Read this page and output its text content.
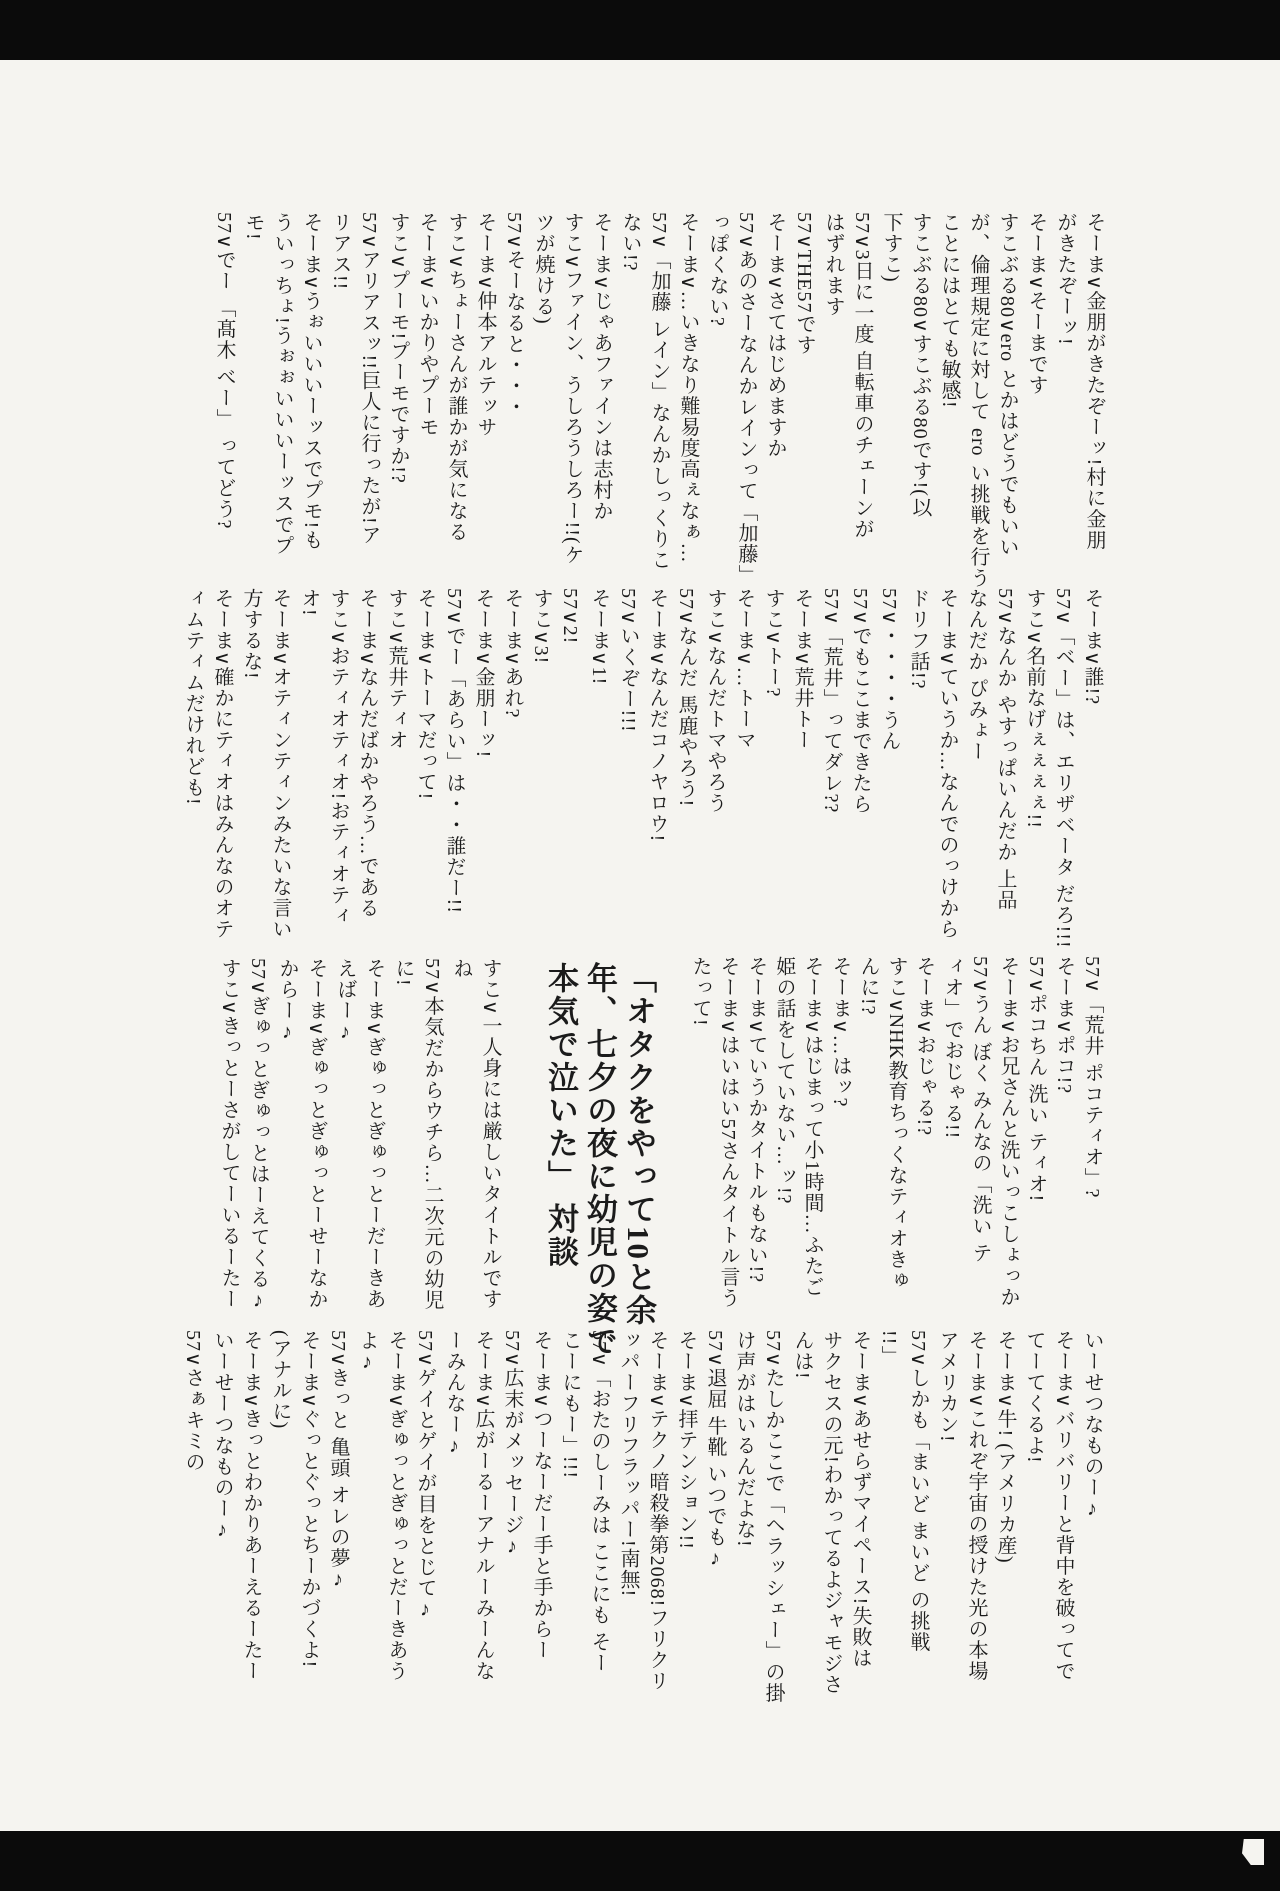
そーま∨金朋がきたぞーッ!村に金朋
がきたぞーッ!
そーま∨そーまです
すこぶる80∨ero とかはどうでもいい
が、倫理規定に対して ero い挑戦を行う
ことにはとても敏感!
すこぶる80∨すこぶる80です!(以
下すこ)
57∨3日に一度 自転車のチェーンが
はずれます
57∨THE57です
そーま∨さてはじめますか
57∨あのさーなんかレインって「加藤」
っぽくない?
そーま∨…いきなり難易度高ぇなぁ…
57∨「加藤 レイン」なんかしっくりこ
ない!?
そーま∨じゃあファインは志村か
すこ∨ファイン、うしろうしろー!!(ケ
ツが焼ける)
57∨そーなると・・・
そーま∨仲本アルテッサ
すこ∨ちょーさんが誰かが気になる
そーま∨いかりやプーモ
すこ∨プーモ!プーモですか!?
57∨アリアスッ!!巨人に行ったが!ア
リアス!!
そーま∨うぉいいいーッスでプモ!も
ういっちょ!うぉぉいいいーッスでプ
モ!
57∨でー 「髙木 べー」 ってどう?
そーま∨誰!?
57∨「ベー」は、エリザベータ だろ!!!
すこ∨名前なげぇぇぇぇ!!
57∨なんか やすっぱいんだか 上品
なんだか ぴみょー
そーま∨ていうか…なんでのっけから
ドリフ話!?
57∨・・・・うん
57∨でもここまできたら
57∨「荒井」ってダレ??
そーま∨荒井トー
すこ∨トー?
そーま∨…トーマ
すこ∨なんだトマやろう
57∨なんだ 馬鹿やろう!
そーま∨なんだコノヤロウ!
57∨いくぞー!!!
そーま∨1!
57∨2!
すこ∨3!
そーま∨あれ?
そーま∨金朋ーッ!
57∨でー「あらい」は・・誰だー!!
そーま∨トーマだって!
すこ∨荒井ティオ
そーま∨なんだばかやろう…である
すこ∨おティオティオ!おティオティ
オ!
そーま∨オティンティンみたいな言い
方するな!
そーま∨確かにティオはみんなのオテ
ィムティムだけれども!
57∨「荒井 ポコティオ」?
そーま∨ポコ!?
57∨ポコちん 洗い ティオ!
そーま∨お兄さんと洗いっこしょっか
57∨うん ぼく みんなの「洗い テ
ィオ」でおじゃる!!
そーま∨おじゃる!?
すこ∨NHK教育ちっくなティオきゅ
んに!?
そーま∨…はッ?
そーま∨はじまって小1時間…ふたご
姫の話をしていない…ッ!?
そーま∨ていうかタイトルもない!?
そーま∨はいはい57さんタイトル言う
たって!
「オタクをやって10と余
年、七夕の夜に幼児の姿で
本気で泣いた」 対談
すこ∨一人身には厳しいタイトルです
ね
57∨本気だからウチら…二次元の幼児
に!
そーま∨ぎゅっとぎゅっとーだーきあ
えばー♪
そーま∨ぎゅっとぎゅっとーせーなか
からー♪
57∨ぎゅっとぎゅっとはーえてくる♪
すこ∨きっとーさがしてーいるーたー
いーせつなものー♪
そーま∨バリバリーと背中を破ってで
てーてくるよ!
そーま∨牛! (アメリカ産)
そーま∨これぞ宇宙の授けた光の本場
アメリカン!
57∨しかも「まいど まいど の挑戦
!!」
そーま∨あせらずマイペース!失敗は
サクセスの元!わかってるよジャモジさ
んは!
57∨たしかここで「ヘラッシェー」の掛
け声がはいるんだよな!
57∨退屈 牛靴 いつでも♪
そーま∨拝テンション!!
そーま∨テクノ暗殺拳第2068!フリクリ
ッパーフリフラッパー!南無!
57∨「おたのしーみは ここにも そー
こーにもー」!!!
そーま∨つーなーだー手と手からー
57∨広末がメッセージ♪
そーま∨広がーるーアナルーみーんな
ーみんなー♪
57∨ゲイとゲイが目をとじて♪
そーま∨ぎゅっとぎゅっとだーきあう
よ♪
57∨きっと 亀頭 オレの夢♪
そーま∨ぐっとぐっとちーかづくよ!
(アナルに)
そーま∨きっとわかりあーえるーたー
いーせーつなものー♪
57∨さぁキミの
